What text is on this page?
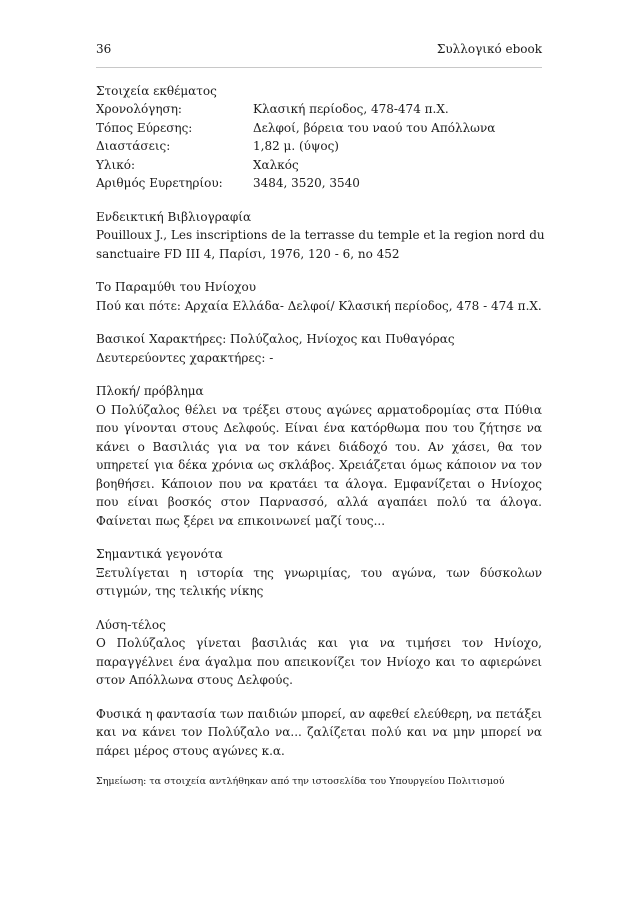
36	Συλλογικό ebook
Στοιχεία εκθέματος
Χρονολόγηση:	Κλασική περίοδος, 478-474 π.Χ.
Τόπος Εύρεσης:	Δελφοί, βόρεια του ναού του Απόλλωνα
Διαστάσεις:	1,82 μ. (ύψος)
Υλικό:	Χαλκός
Αριθμός Ευρετηρίου:	3484, 3520, 3540
Ενδεικτική Βιβλιογραφία
Pouilloux J., Les inscriptions de la terrasse du temple et la region nord du
sanctuaire FD III 4, Παρίσι, 1976, 120 - 6, no 452
Το Παραμύθι του Ηνίοχου
Πού και πότε: Αρχαία Ελλάδα- Δελφοί/ Κλασική περίοδος, 478 - 474 π.Χ.
Βασικοί Χαρακτήρες: Πολύζαλος, Ηνίοχος και Πυθαγόρας
Δευτερεύοντες χαρακτήρες: -
Πλοκή/ πρόβλημα
Ο Πολύζαλος θέλει να τρέξει στους αγώνες αρματοδρομίας στα Πύθια που γίνονται στους Δελφούς. Είναι ένα κατόρθωμα που του ζήτησε να κάνει ο Βασιλιάς για να τον κάνει διάδοχό του. Αν χάσει, θα τον υπηρετεί για δέκα χρόνια ως σκλάβος. Χρειάζεται όμως κάποιον να τον βοηθήσει. Κάποιον που να κρατάει τα άλογα. Εμφανίζεται ο Ηνίοχος που είναι βοσκός στον Παρνασσό, αλλά αγαπάει πολύ τα άλογα. Φαίνεται πως ξέρει να επικοινωνεί μαζί τους...
Σημαντικά γεγονότα
Ξετυλίγεται η ιστορία της γνωριμίας, του αγώνα, των δύσκολων στιγμών, της τελικής νίκης
Λύση-τέλος
Ο Πολύζαλος γίνεται βασιλιάς και για να τιμήσει τον Ηνίοχο, παραγγέλνει ένα άγαλμα που απεικονίζει τον Ηνίοχο και το αφιερώνει στον Απόλλωνα στους Δελφούς.
Φυσικά η φαντασία των παιδιών μπορεί, αν αφεθεί ελεύθερη, να πετάξει και να κάνει τον Πολύζαλο να... ζαλίζεται πολύ και να μην μπορεί να πάρει μέρος στους αγώνες κ.α.
Σημείωση: τα στοιχεία αντλήθηκαν από την ιστοσελίδα του Υπουργείου Πολιτισμού
